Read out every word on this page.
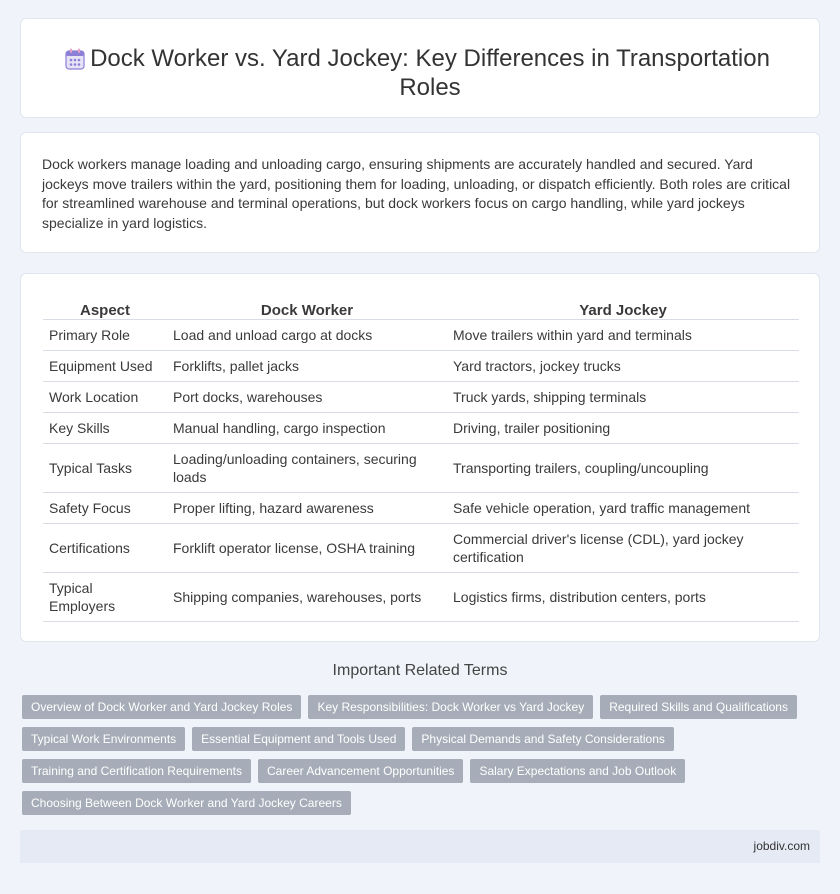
Dock Worker vs. Yard Jockey: Key Differences in Transportation Roles

Dock workers manage loading and unloading cargo, ensuring shipments are accurately handled and secured. Yard jockeys move trailers within the yard, positioning them for loading, unloading, or dispatch efficiently. Both roles are critical for streamlined warehouse and terminal operations, but dock workers focus on cargo handling, while yard jockeys specialize in yard logistics.

Aspect	Dock Worker	Yard Jockey
Primary Role	Load and unload cargo at docks	Move trailers within yard and terminals
Equipment Used	Forklifts, pallet jacks	Yard tractors, jockey trucks
Work Location	Port docks, warehouses	Truck yards, shipping terminals
Key Skills	Manual handling, cargo inspection	Driving, trailer positioning
Typical Tasks	Loading/unloading containers, securing loads	Transporting trailers, coupling/uncoupling
Safety Focus	Proper lifting, hazard awareness	Safe vehicle operation, yard traffic management
Certifications	Forklift operator license, OSHA training	Commercial driver's license (CDL), yard jockey certification
Typical Employers	Shipping companies, warehouses, ports	Logistics firms, distribution centers, ports
Important Related Terms
Overview of Dock Worker and Yard Jockey Roles	Key Responsibilities: Dock Worker vs Yard Jockey	Required Skills and Qualifications
Typical Work Environments	Essential Equipment and Tools Used	Physical Demands and Safety Considerations
Training and Certification Requirements	Career Advancement Opportunities	Salary Expectations and Job Outlook
Choosing Between Dock Worker and Yard Jockey Careers
jobdiv.com
